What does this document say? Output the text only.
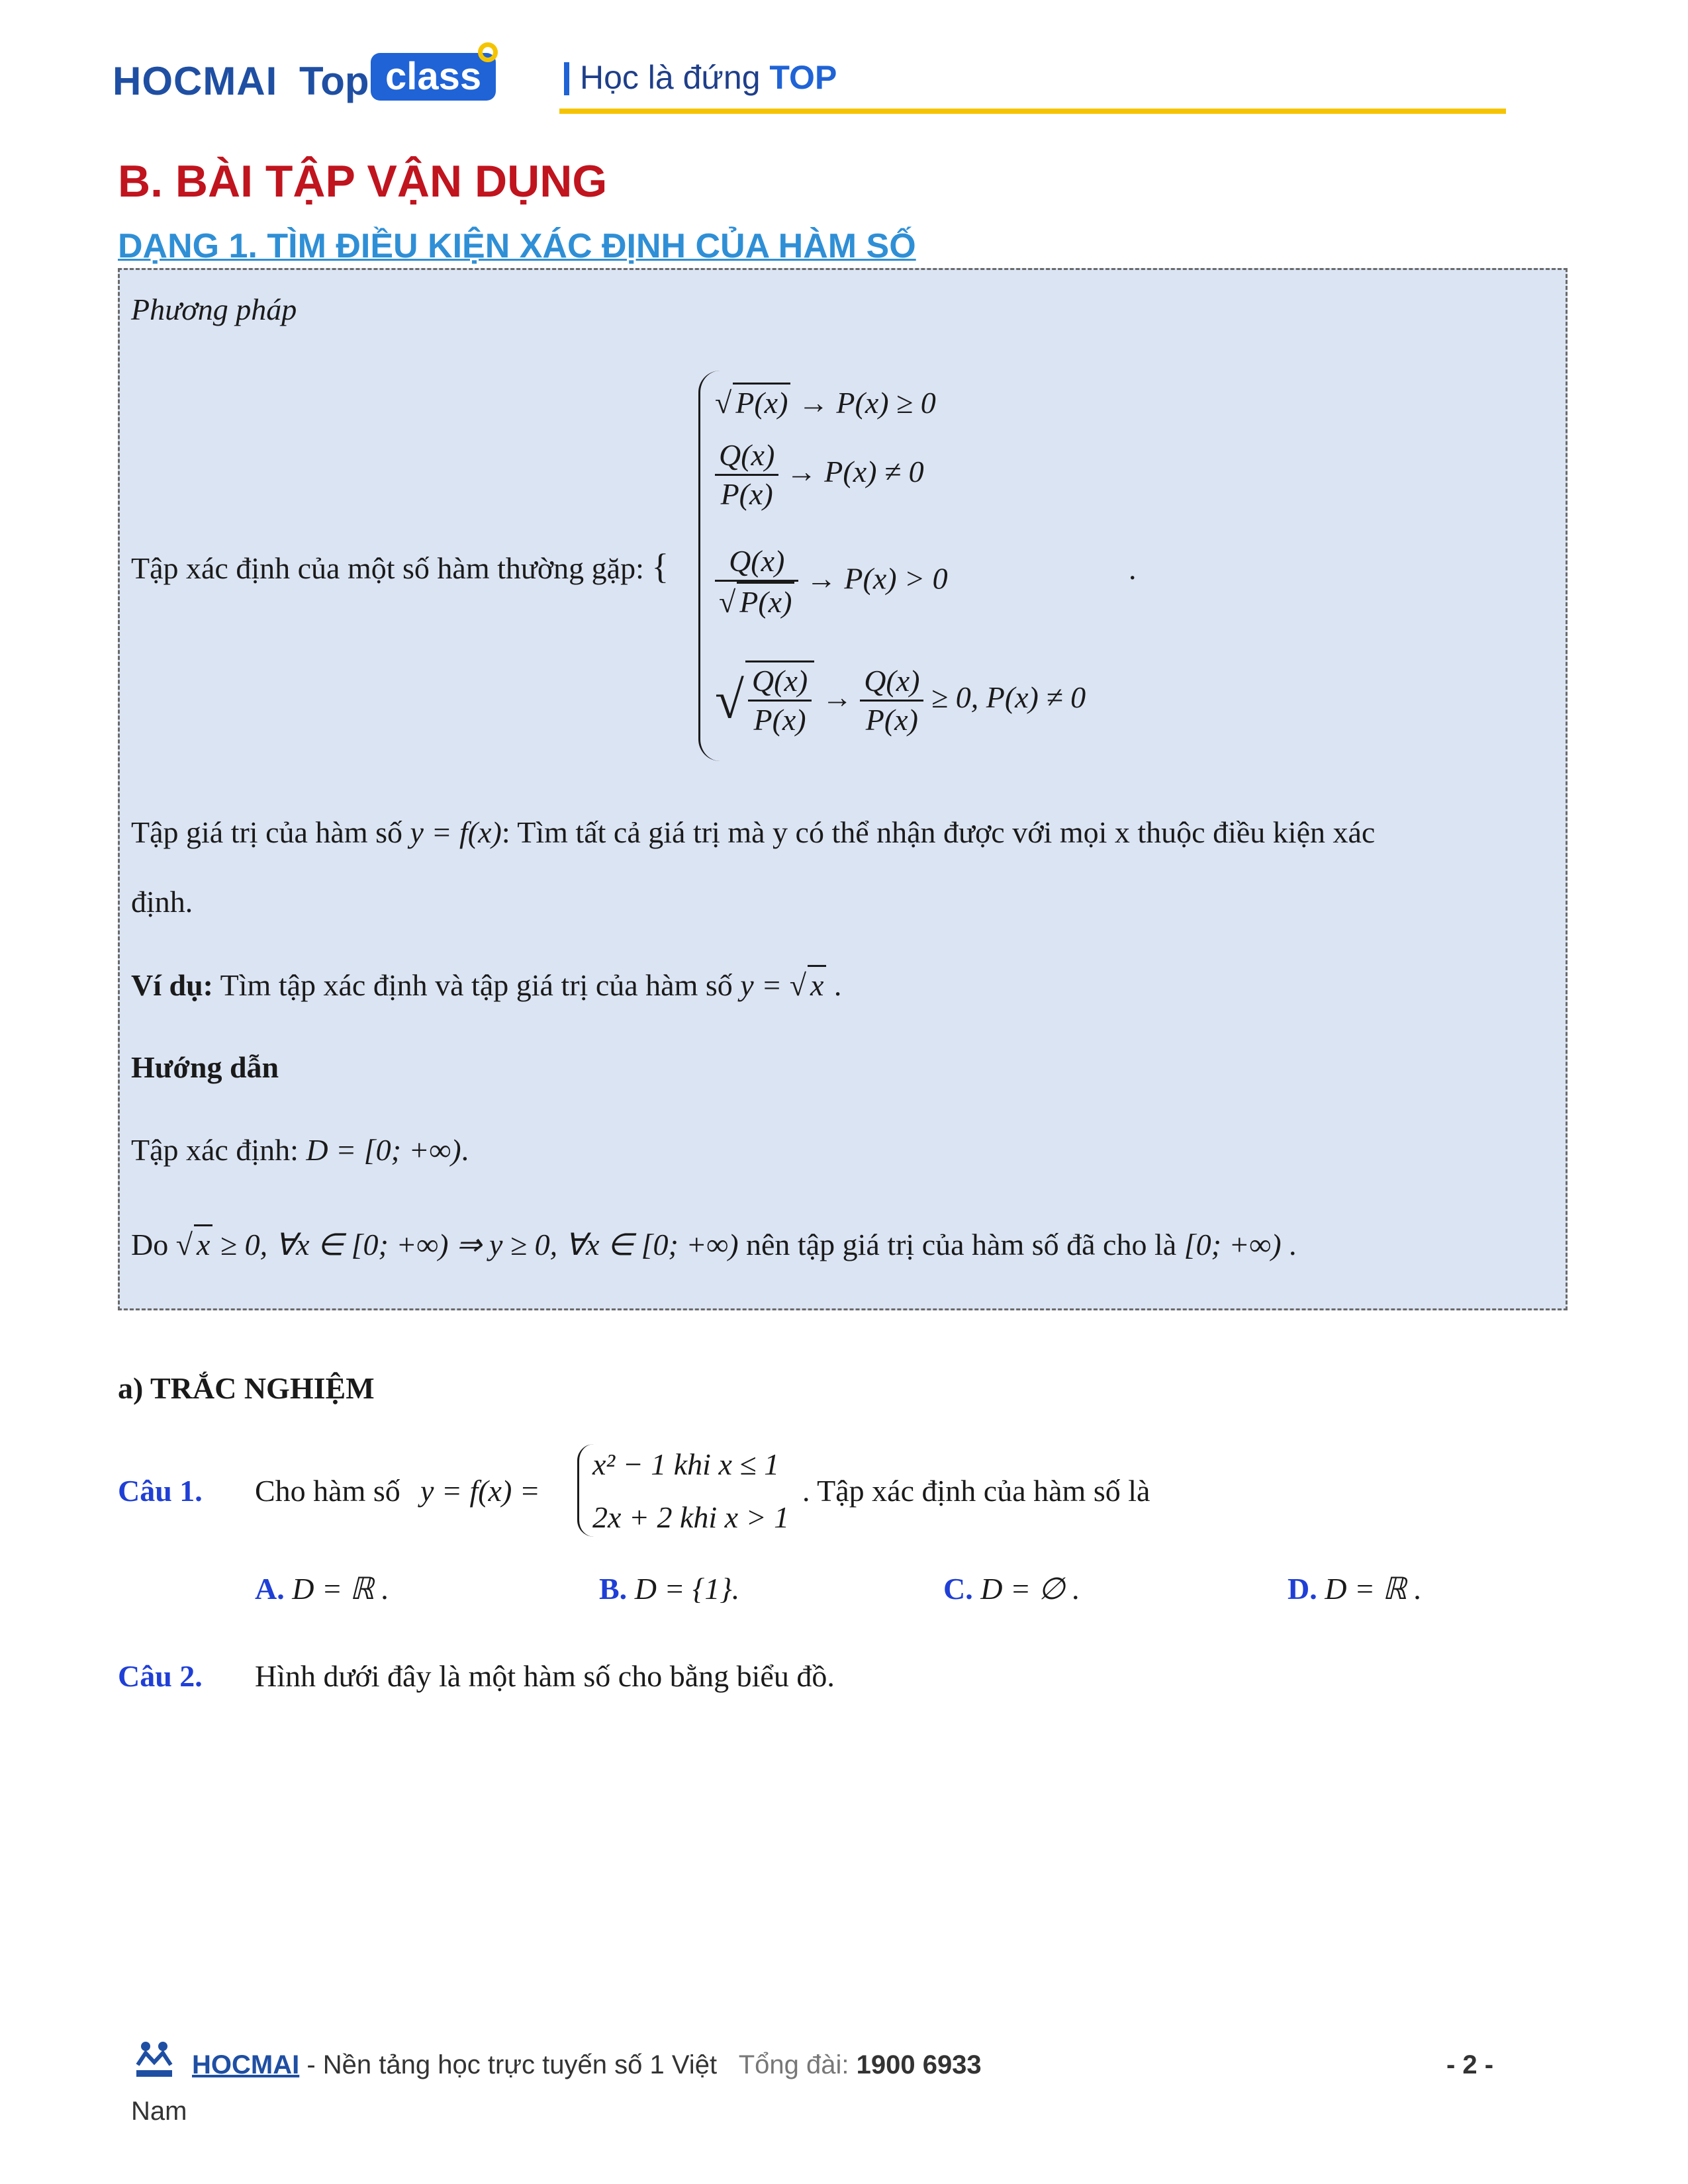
HOCMAI Top class	Học là đứng TOP
B. BÀI TẬP VẬN DỤNG
DẠNG 1. TÌM ĐIỀU KIỆN XÁC ĐỊNH CỦA HÀM SỐ
Phương pháp
Tập xác định của một số hàm thường gặp: {
√ P(x) → P(x) ≥ 0
$\frac{Q(x)}{P(x)} \to P(x) \ne 0$
$\frac{Q(x)}{√ P(x)} \to P(x) > 0$
√ $\frac{Q(x)}{P(x)} \to \frac{Q(x)}{P(x)} \ge 0$, P(x) ≠ 0
.
Tập giá trị của hàm số y = f(x): Tìm tất cả giá trị mà y có thể nhận được với mọi x thuộc điều kiện xác
định.
Ví dụ: Tìm tập xác định và tập giá trị của hàm số y = √ x .
Hướng dẫn
Tập xác định: D = [0; +∞).
Do √ x ≥ 0, ∀x ∈ [0; +∞) ⇒ y ≥ 0, ∀x ∈ [0; +∞) nên tập giá trị của hàm số đã cho là [0; +∞) .
a) TRẮC NGHIỆM
Câu 1. Cho hàm số y = f(x) =
x² − 1 khi x ≤ 1
2x + 2 khi x > 1
. Tập xác định của hàm số là
A. D = ℝ .	B. D = {1}.	C. D = ∅ .	D. D = ℝ .
Câu 2. Hình dưới đây là một hàm số cho bằng biểu đồ.
HOCMAI - Nền tảng học trực tuyến số 1 Việt Tổng đài: 1900 6933	- 2 -
Nam
